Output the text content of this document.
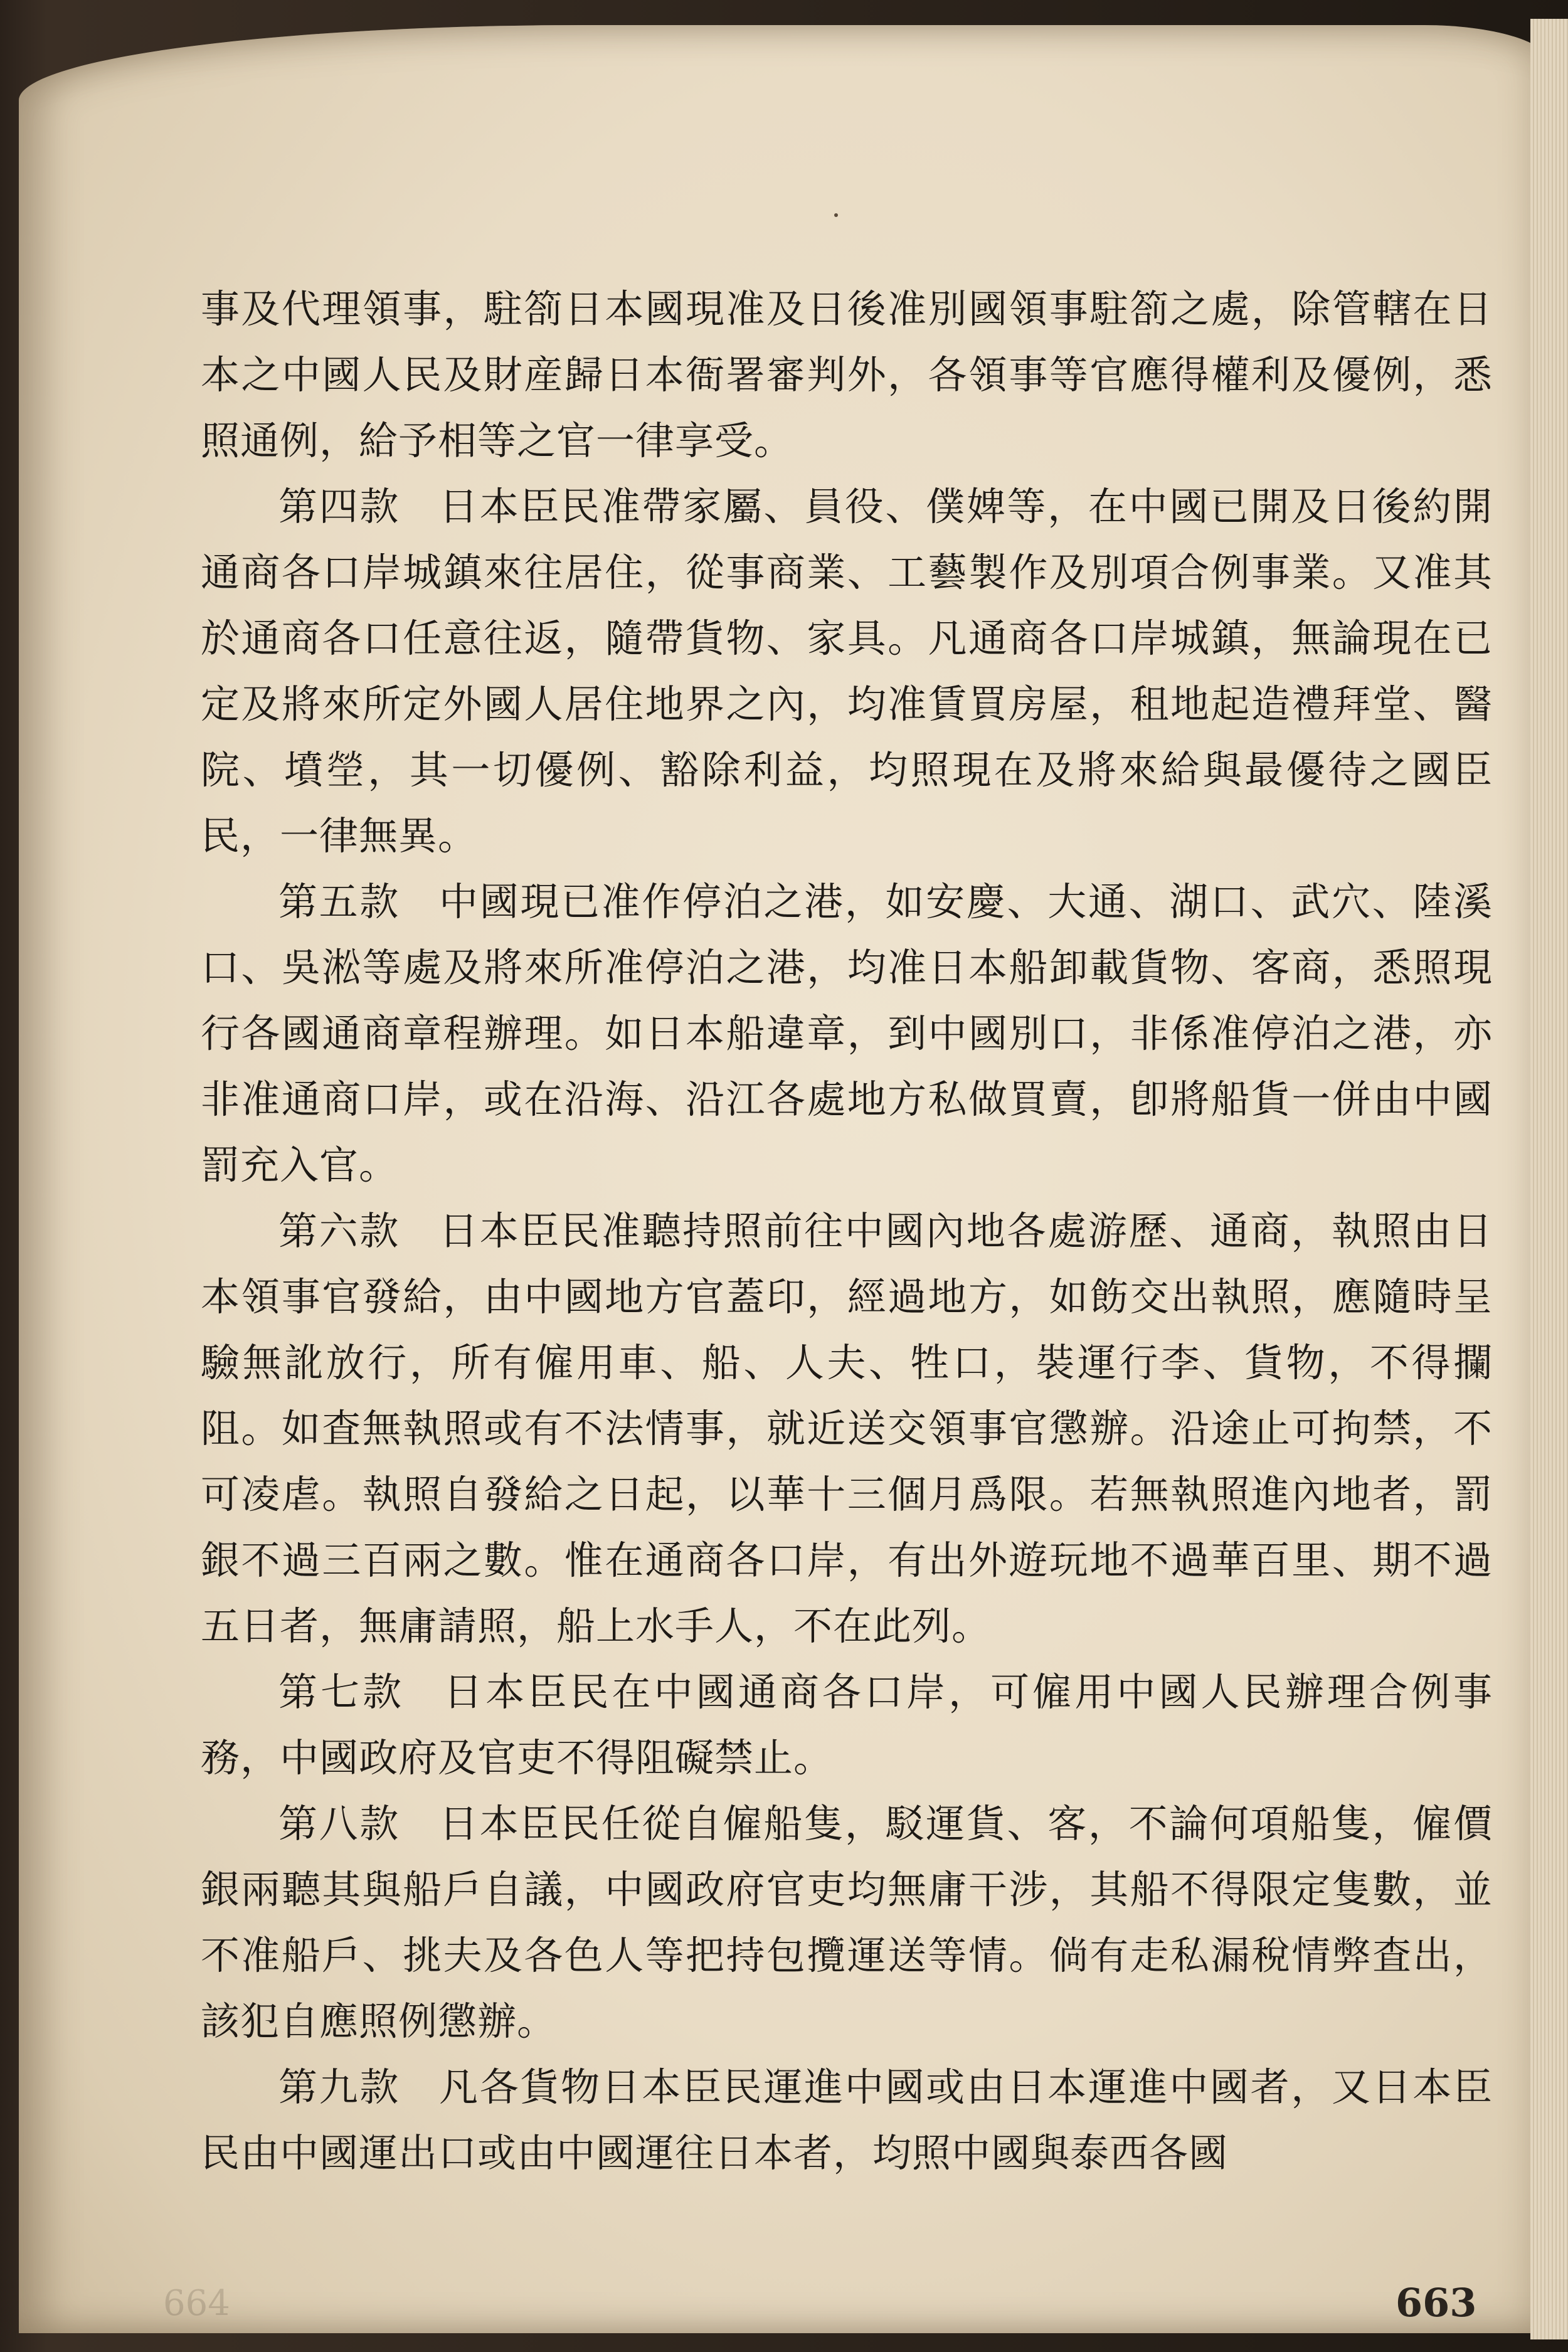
事及代理領事，駐箚日本國現准及日後准別國領事駐箚之處，除管轄在日本之中國人民及財産歸日本衙署審判外，各領事等官應得權利及優例，悉照通例，給予相等之官一律享受。

第四款 日本臣民准帶家屬、員役、僕婢等，在中國已開及日後約開通商各口岸城鎮來往居住，從事商業、工藝製作及別項合例事業。又准其於通商各口任意往返，隨帶貨物、家具。凡通商各口岸城鎮，無論現在已定及將來所定外國人居住地界之內，均准賃買房屋，租地起造禮拜堂、醫院、墳塋，其一切優例、豁除利益，均照現在及將來給與最優待之國臣民，一律無異。

第五款 中國現已准作停泊之港，如安慶、大通、湖口、武穴、陸溪口、吳淞等處及將來所准停泊之港，均准日本船卸載貨物、客商，悉照現行各國通商章程辦理。如日本船違章，到中國別口，非係准停泊之港，亦非准通商口岸，或在沿海、沿江各處地方私做買賣，卽將船貨一併由中國罰充入官。

第六款 日本臣民准聽持照前往中國內地各處游歷、通商，執照由日本領事官發給，由中國地方官蓋印，經過地方，如飭交出執照，應隨時呈驗無訛放行，所有僱用車、船、人夫、牲口，裝運行李、貨物，不得攔阻。如査無執照或有不法情事，就近送交領事官懲辦。沿途止可拘禁，不可凌虐。執照自發給之日起，以華十三個月爲限。若無執照進內地者，罰銀不過三百兩之數。惟在通商各口岸，有出外遊玩地不過華百里、期不過五日者，無庸請照，船上水手人，不在此列。

第七款 日本臣民在中國通商各口岸，可僱用中國人民辦理合例事務，中國政府及官吏不得阻礙禁止。

第八款 日本臣民任從自僱船隻，駁運貨、客，不論何項船隻，僱價銀兩聽其與船戶自議，中國政府官吏均無庸干涉，其船不得限定隻數，並不准船戶、挑夫及各色人等把持包攬運送等情。倘有走私漏稅情弊査出，該犯自應照例懲辦。

第九款 凡各貨物日本臣民運進中國或由日本運進中國者，又日本臣民由中國運出口或由中國運往日本者，均照中國與泰西各國

664	663
